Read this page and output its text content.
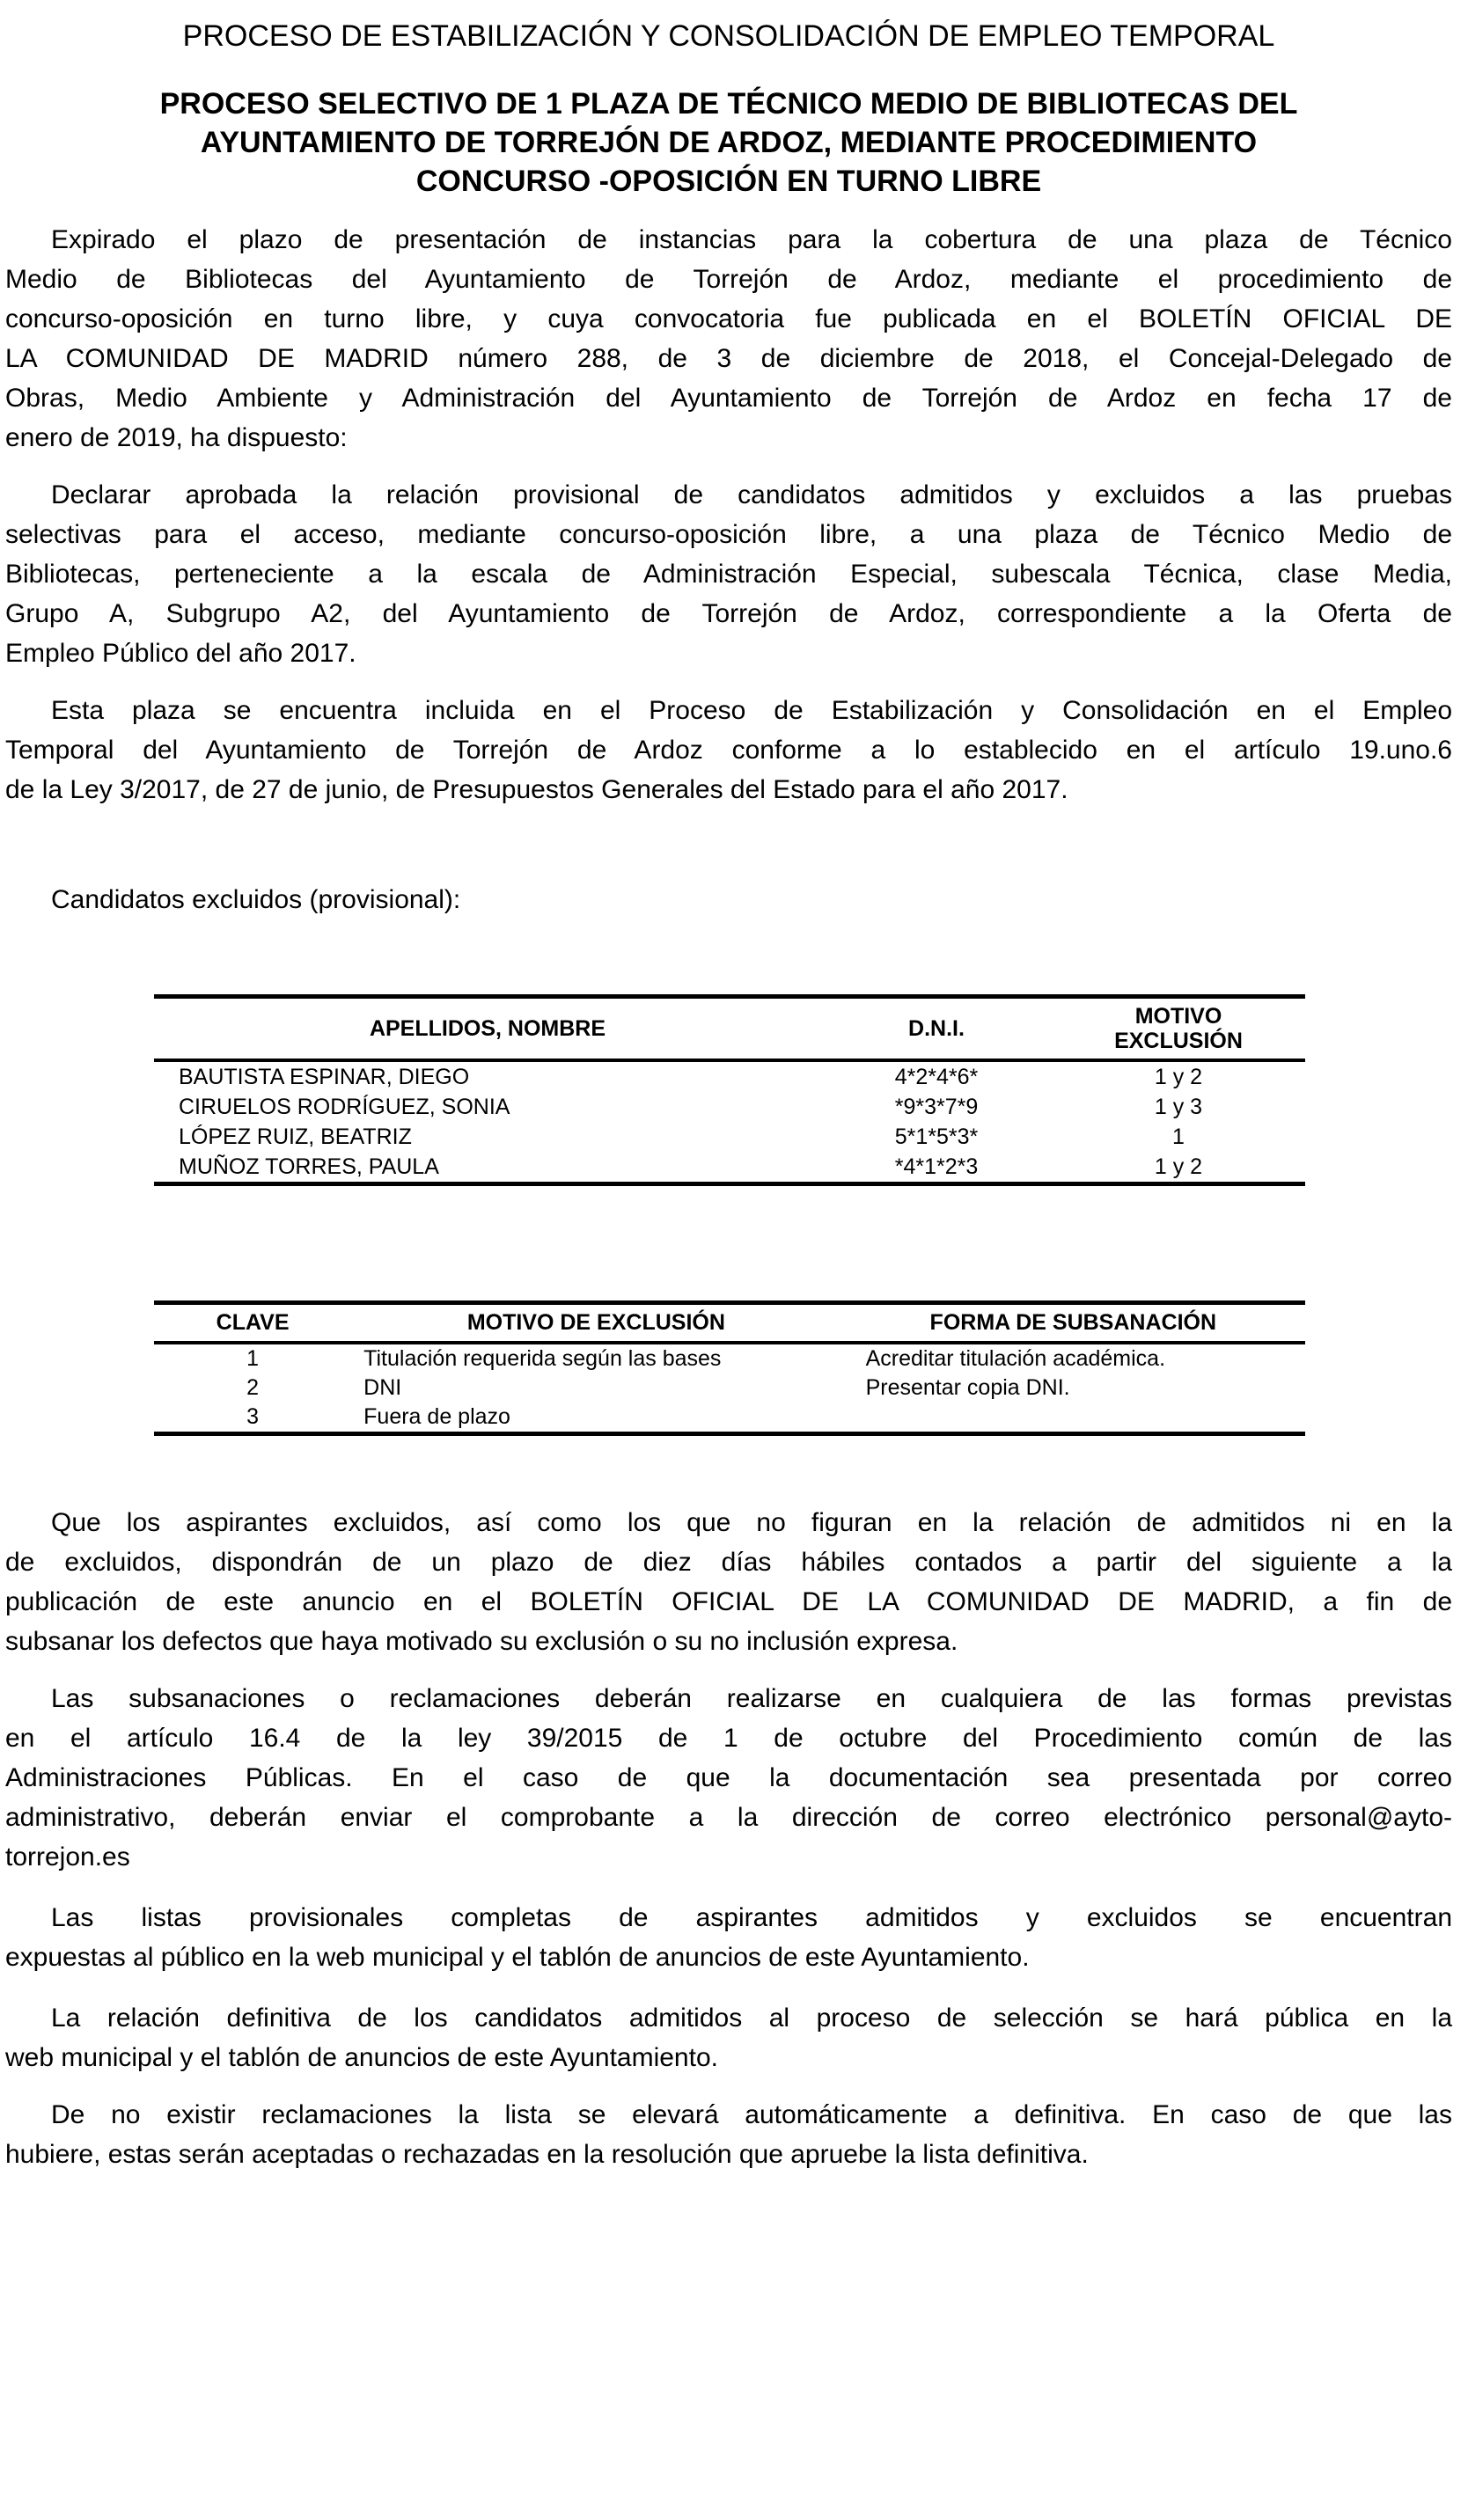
PROCESO DE ESTABILIZACIÓN Y CONSOLIDACIÓN DE EMPLEO TEMPORAL
PROCESO SELECTIVO DE 1 PLAZA DE TÉCNICO MEDIO DE BIBLIOTECAS DEL
AYUNTAMIENTO DE TORREJÓN DE ARDOZ, MEDIANTE PROCEDIMIENTO
CONCURSO -OPOSICIÓN EN TURNO LIBRE
Expirado el plazo de presentación de instancias para la cobertura de una plaza de Técnico
Medio de Bibliotecas del Ayuntamiento de Torrejón de Ardoz, mediante el procedimiento de
concurso-oposición en turno libre, y cuya convocatoria fue publicada en el BOLETÍN OFICIAL DE
LA COMUNIDAD DE MADRID número 288, de 3 de diciembre de 2018, el Concejal-Delegado de
Obras, Medio Ambiente y Administración del Ayuntamiento de Torrejón de Ardoz en fecha 17 de
enero de 2019, ha dispuesto:
Declarar aprobada la relación provisional de candidatos admitidos y excluidos a las pruebas
selectivas para el acceso, mediante concurso-oposición libre, a una plaza de Técnico Medio de
Bibliotecas, perteneciente a la escala de Administración Especial, subescala Técnica, clase Media,
Grupo A, Subgrupo A2, del Ayuntamiento de Torrejón de Ardoz, correspondiente a la Oferta de
Empleo Público del año 2017.
Esta plaza se encuentra incluida en el Proceso de Estabilización y Consolidación en el Empleo
Temporal del Ayuntamiento de Torrejón de Ardoz conforme a lo establecido en el artículo 19.uno.6
de la Ley 3/2017, de 27 de junio, de Presupuestos Generales del Estado para el año 2017.
Candidatos excluidos (provisional):
APELLIDOS, NOMBRE	D.N.I.	MOTIVO EXCLUSIÓN
BAUTISTA ESPINAR, DIEGO	4*2*4*6*	1 y 2
CIRUELOS RODRÍGUEZ, SONIA	*9*3*7*9	1 y 3
LÓPEZ RUIZ, BEATRIZ	5*1*5*3*	1
MUÑOZ TORRES, PAULA	*4*1*2*3	1 y 2
CLAVE	MOTIVO DE EXCLUSIÓN	FORMA DE SUBSANACIÓN
1	Titulación requerida según las bases	Acreditar titulación académica.
2	DNI	Presentar copia DNI.
3	Fuera de plazo	
Que los aspirantes excluidos, así como los que no figuran en la relación de admitidos ni en la
de excluidos, dispondrán de un plazo de diez días hábiles contados a partir del siguiente a la
publicación de este anuncio en el BOLETÍN OFICIAL DE LA COMUNIDAD DE MADRID, a fin de
subsanar los defectos que haya motivado su exclusión o su no inclusión expresa.
Las subsanaciones o reclamaciones deberán realizarse en cualquiera de las formas previstas
en el artículo 16.4 de la ley 39/2015 de 1 de octubre del Procedimiento común de las
Administraciones Públicas. En el caso de que la documentación sea presentada por correo
administrativo, deberán enviar el comprobante a la dirección de correo electrónico personal@ayto-
torrejon.es
Las listas provisionales completas de aspirantes admitidos y excluidos se encuentran
expuestas al público en la web municipal y el tablón de anuncios de este Ayuntamiento.
La relación definitiva de los candidatos admitidos al proceso de selección se hará pública en la
web municipal y el tablón de anuncios de este Ayuntamiento.
De no existir reclamaciones la lista se elevará automáticamente a definitiva. En caso de que las
hubiere, estas serán aceptadas o rechazadas en la resolución que apruebe la lista definitiva.
